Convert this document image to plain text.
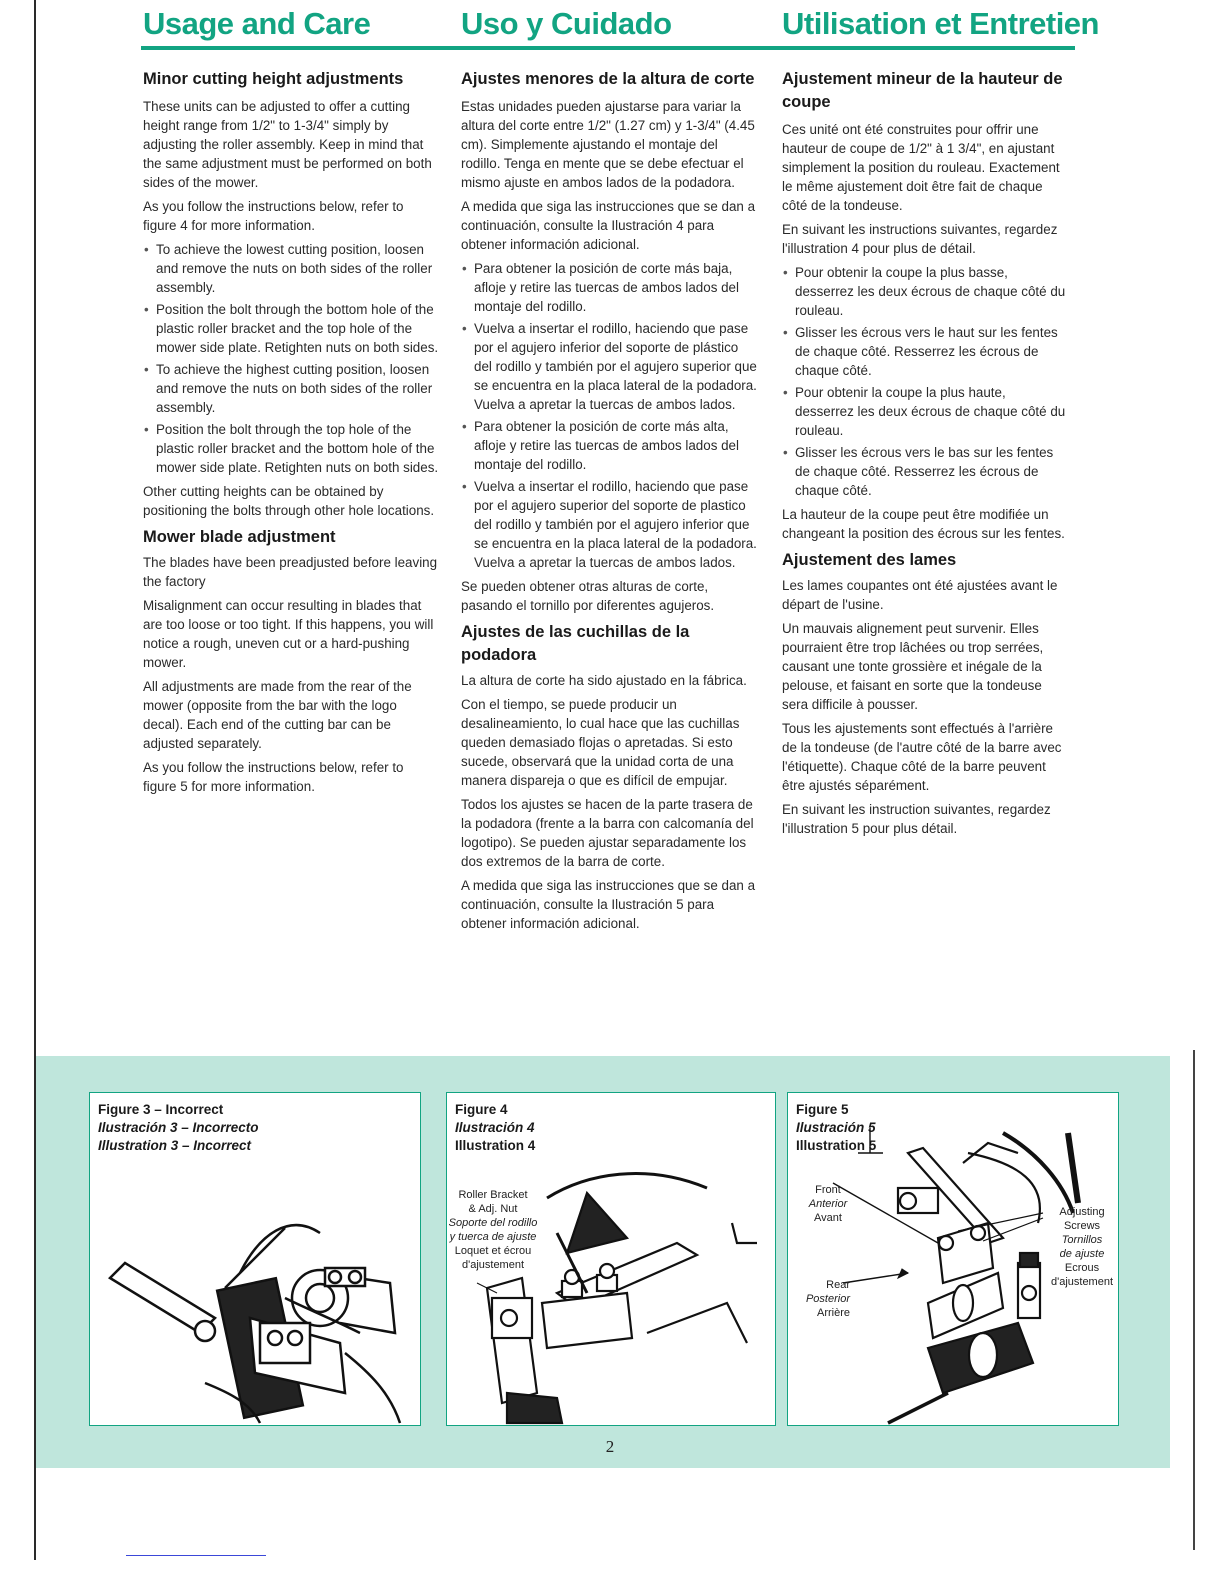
Usage and Care	Uso y Cuidado	Utilisation et Entretien
Minor cutting height adjustments

These units can be adjusted to offer a cutting height range from 1/2" to 1-3/4" simply by adjusting the roller assembly. Keep in mind that the same adjustment must be performed on both sides of the mower.

As you follow the instructions below, refer to figure 4 for more information.

• To achieve the lowest cutting position, loosen and remove the nuts on both sides of the roller assembly.
• Position the bolt through the bottom hole of the plastic roller bracket and the top hole of the mower side plate. Retighten nuts on both sides.
• To achieve the highest cutting position, loosen and remove the nuts on both sides of the roller assembly.
• Position the bolt through the top hole of the plastic roller bracket and the bottom hole of the mower side plate. Retighten nuts on both sides.

Other cutting heights can be obtained by positioning the bolts through other hole locations.

Mower blade adjustment

The blades have been preadjusted before leaving the factory

Misalignment can occur resulting in blades that are too loose or too tight. If this happens, you will notice a rough, uneven cut or a hard-pushing mower.

All adjustments are made from the rear of the mower (opposite from the bar with the logo decal). Each end of the cutting bar can be adjusted separately.

As you follow the instructions below, refer to figure 5 for more information.

Ajustes menores de la altura de corte

Estas unidades pueden ajustarse para variar la altura del corte entre 1/2" (1.27 cm) y 1-3/4" (4.45 cm). Simplemente ajustando el montaje del rodillo. Tenga en mente que se debe efectuar el mismo ajuste en ambos lados de la podadora.

A medida que siga las instrucciones que se dan a continuación, consulte la Ilustración 4 para obtener información adicional.

• Para obtener la posición de corte más baja, afloje y retire las tuercas de ambos lados del montaje del rodillo.
• Vuelva a insertar el rodillo, haciendo que pase por el agujero inferior del soporte de plástico del rodillo y también por el agujero superior que se encuentra en la placa lateral de la podadora. Vuelva a apretar la tuercas de ambos lados.
• Para obtener la posición de corte más alta, afloje y retire las tuercas de ambos lados del montaje del rodillo.
• Vuelva a insertar el rodillo, haciendo que pase por el agujero superior del soporte de plastico del rodillo y también por el agujero inferior que se encuentra en la placa lateral de la podadora. Vuelva a apretar la tuercas de ambos lados.

Se pueden obtener otras alturas de corte, pasando el tornillo por diferentes agujeros.

Ajustes de las cuchillas de la podadora

La altura de corte ha sido ajustado en la fábrica.

Con el tiempo, se puede producir un desalineamiento, lo cual hace que las cuchillas queden demasiado flojas o apretadas. Si esto sucede, observará que la unidad corta de una manera dispareja o que es difícil de empujar.

Todos los ajustes se hacen de la parte trasera de la podadora (frente a la barra con calcomanía del logotipo). Se pueden ajustar separadamente los dos extremos de la barra de corte.

A medida que siga las instrucciones que se dan a continuación, consulte la Ilustración 5 para obtener información adicional.

Ajustement mineur de la hauteur de coupe

Ces unité ont été construites pour offrir une hauteur de coupe de 1/2" à 1 3/4", en ajustant simplement la position du rouleau. Exactement le même ajustement doit être fait de chaque côté de la tondeuse.

En suivant les instructions suivantes, regardez l'illustration 4 pour plus de détail.

• Pour obtenir la coupe la plus basse, desserrez les deux écrous de chaque côté du rouleau.
• Glisser les écrous vers le haut sur les fentes de chaque côté. Resserrez les écrous de chaque côté.
• Pour obtenir la coupe la plus haute, desserrez les deux écrous de chaque côté du rouleau.
• Glisser les écrous vers le bas sur les fentes de chaque côté. Resserrez les écrous de chaque côté.

La hauteur de la coupe peut être modifiée un changeant la position des écrous sur les fentes.

Ajustement des lames

Les lames coupantes ont été ajustées avant le départ de l'usine.

Un mauvais alignement peut survenir. Elles pourraient être trop lâchées ou trop serrées, causant une tonte grossière et inégale de la pelouse, et faisant en sorte que la tondeuse sera difficile à pousser.

Tous les ajustements sont effectués à l'arrière de la tondeuse (de l'autre côté de la barre avec l'étiquette). Chaque côté de la barre peuvent être ajustés séparément.

En suivant les instruction suivantes, regardez l'illustration 5 pour plus détail.

Figure 3 – Incorrect
Ilustración 3 – Incorrecto
Illustration 3 – Incorrect
Figure 4
Ilustración 4
Illustration 4
Roller Bracket
& Adj. Nut
Soporte del rodillo
y tuerca de ajuste
Loquet et écrou
d'ajustement
Figure 5
Ilustración 5
Illustration 5
Front
Anterior
Avant
Rear
Posterior
Arrière
Adjusting
Screws
Tornillos
de ajuste
Ecrous
d'ajustement
2
